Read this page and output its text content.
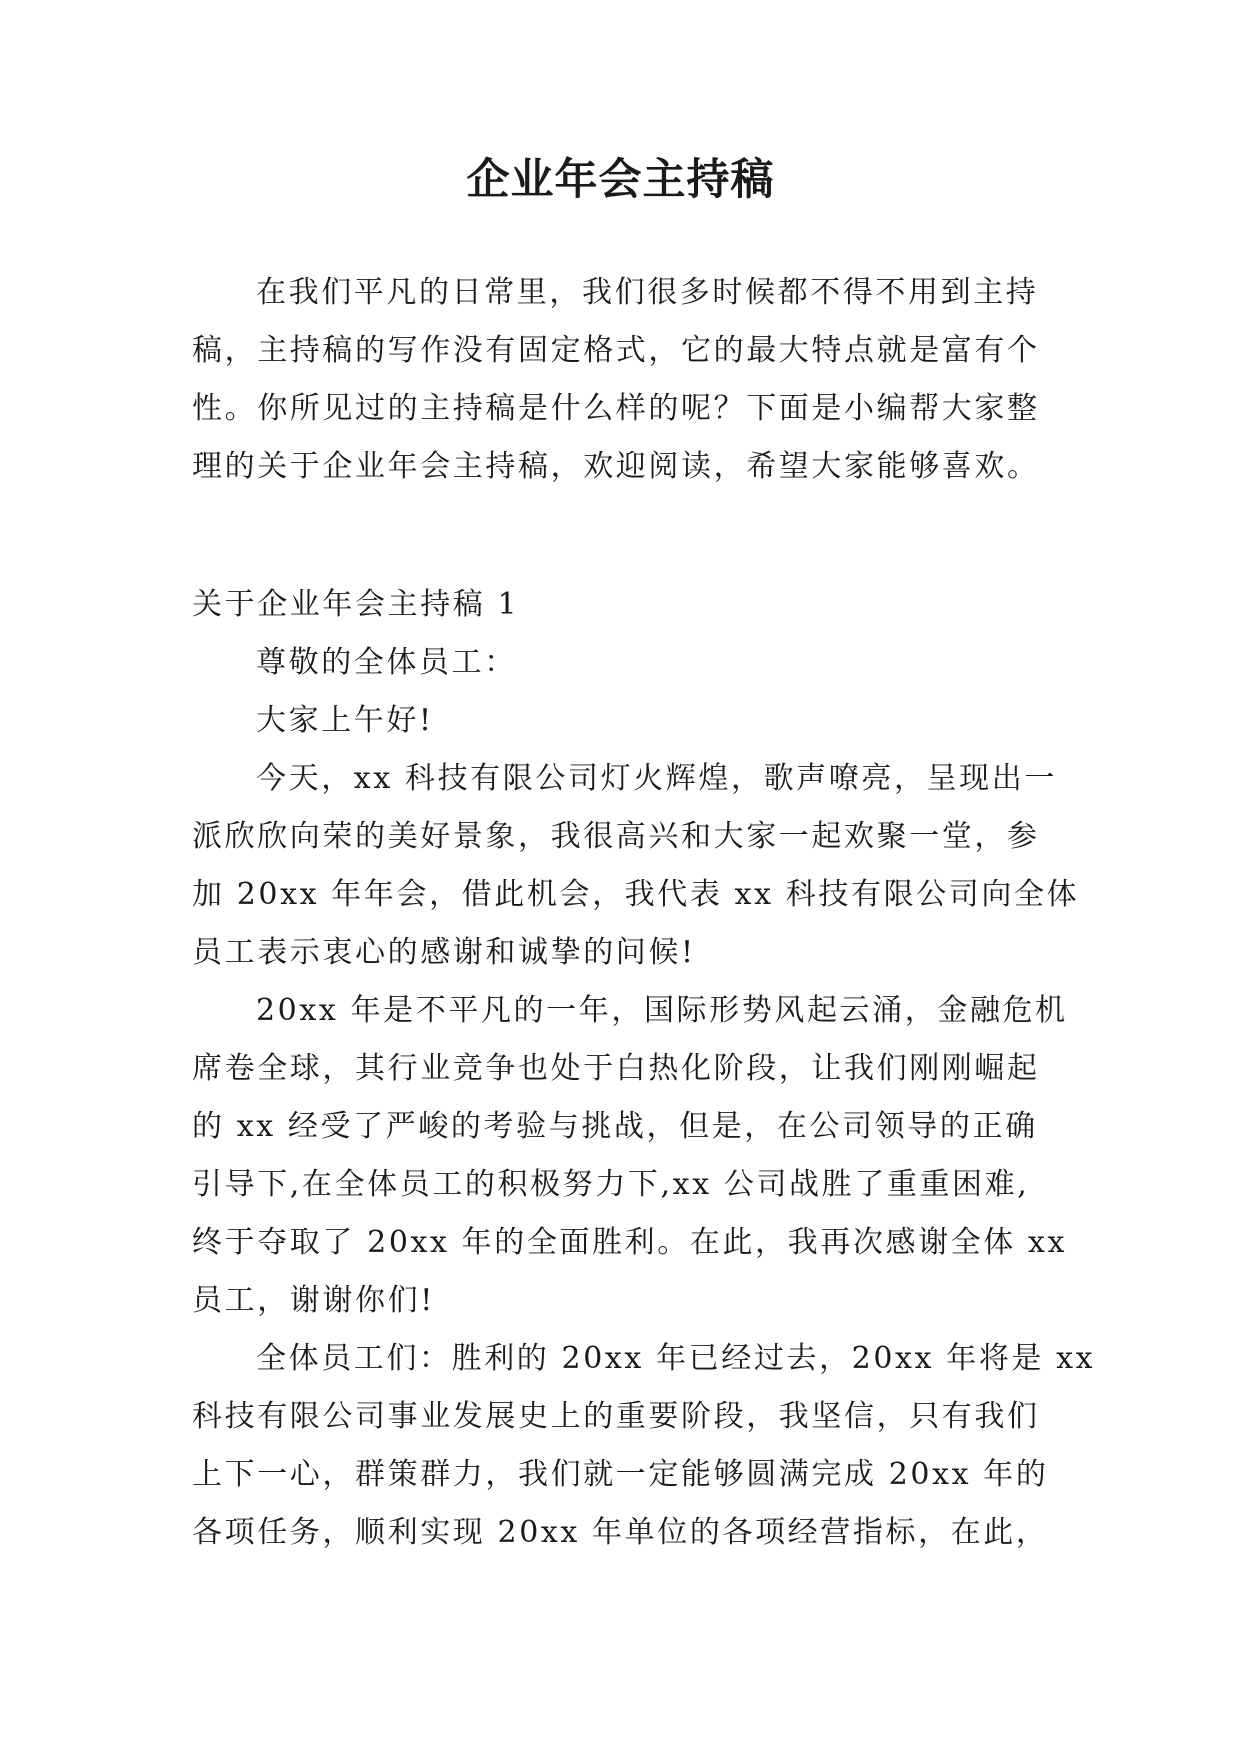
企业年会主持稿

在我们平凡的日常里，我们很多时候都不得不用到主持
稿，主持稿的写作没有固定格式，它的最大特点就是富有个
性。你所见过的主持稿是什么样的呢？下面是小编帮大家整
理的关于企业年会主持稿，欢迎阅读，希望大家能够喜欢。

关于企业年会主持稿 1

尊敬的全体员工：

大家上午好!

今天，xx 科技有限公司灯火辉煌，歌声嘹亮，呈现出一
派欣欣向荣的美好景象，我很高兴和大家一起欢聚一堂，参
加 20xx 年年会，借此机会，我代表 xx 科技有限公司向全体
员工表示衷心的感谢和诚挚的问候!

20xx 年是不平凡的一年，国际形势风起云涌，金融危机
席卷全球，其行业竞争也处于白热化阶段，让我们刚刚崛起
的 xx 经受了严峻的考验与挑战，但是，在公司领导的正确
引导下,在全体员工的积极努力下,xx 公司战胜了重重困难,
终于夺取了 20xx 年的全面胜利。在此，我再次感谢全体 xx
员工，谢谢你们!

全体员工们：胜利的 20xx 年已经过去，20xx 年将是 xx
科技有限公司事业发展史上的重要阶段，我坚信，只有我们
上下一心，群策群力，我们就一定能够圆满完成 20xx 年的
各项任务，顺利实现 20xx 年单位的各项经营指标，在此，
